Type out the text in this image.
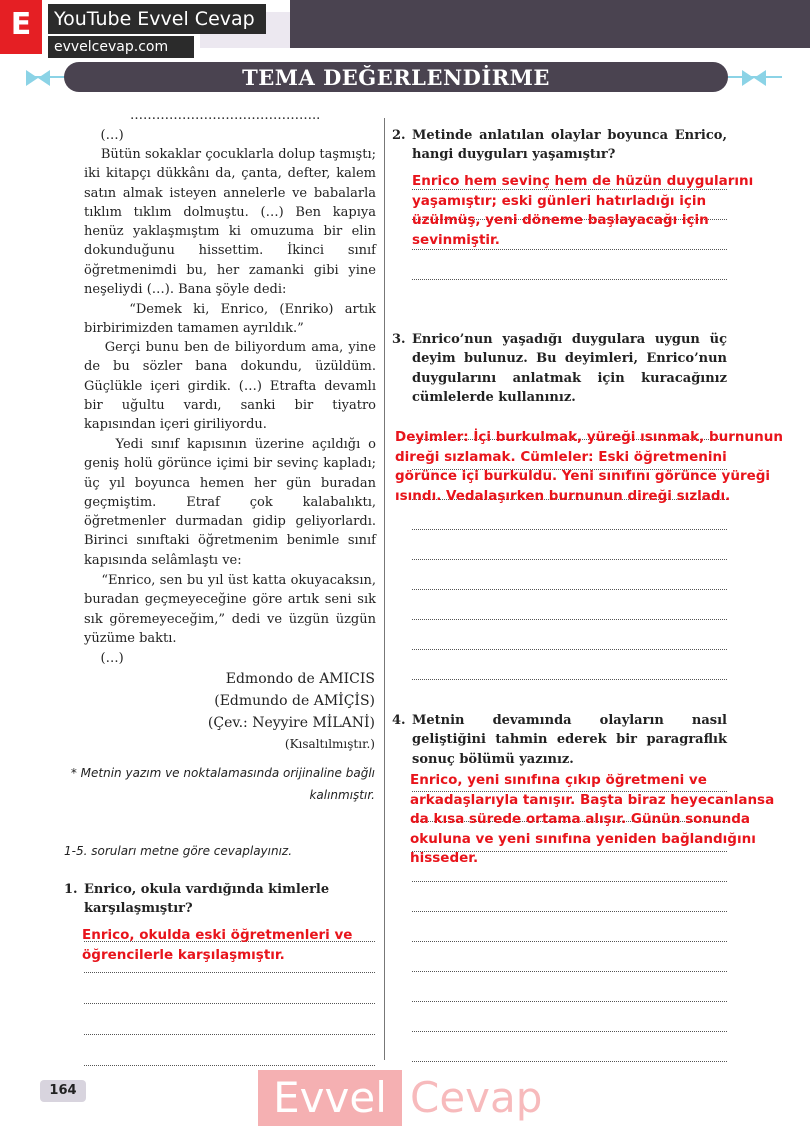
E	YouTube Evvel Cevap
evvelcevap.com
TEMA DEĞERLENDİRME

……………………………………..

(…)

Bütün sokaklar çocuklarla dolup taşmıştı; iki kitapçı dükkânı da, çanta, defter, kalem satın almak isteyen annelerle ve babalarla tıklım tıklım dolmuştu. (…) Ben kapıya henüz yaklaşmıştım ki omuzuma bir elin dokunduğunu hissettim. İkinci sınıf öğretmenimdi bu, her zamanki gibi yine neşeliydi (…). Bana şöyle dedi:

“Demek ki, Enrico, (Enriko) artık birbirimizden tamamen ayrıldık.”

Gerçi bunu ben de biliyordum ama, yine de bu sözler bana dokundu, üzüldüm. Güçlükle içeri girdik. (…) Etrafta devamlı bir uğultu vardı, sanki bir tiyatro kapısından içeri giriliyordu.

Yedi sınıf kapısının üzerine açıldığı o geniş holü görünce içimi bir sevinç kapladı; üç yıl boyunca hemen her gün buradan geçmiştim. Etraf çok kalabalıktı, öğretmenler durmadan gidip geliyorlardı. Birinci sınıftaki öğretmenim benimle sınıf kapısında selâmlaştı ve:

“Enrico, sen bu yıl üst katta okuyacaksın, buradan geçmeyeceğine göre artık seni sık sık göremeyeceğim,” dedi ve üzgün üzgün yüzüme baktı.

(…)

Edmondo de AMICIS
(Edmundo de AMİÇİS)
(Çev.: Neyyire MİLANİ)
(Kısaltılmıştır.)
* Metnin yazım ve noktalamasında orijinaline bağlı kalınmıştır.
1-5. soruları metne göre cevaplayınız.

1. Enrico, okula vardığında kimlerle karşılaşmıştır?

Enrico, okulda eski öğretmenleri ve öğrencilerle karşılaşmıştır.

2. Metinde anlatılan olaylar boyunca Enrico, hangi duyguları yaşamıştır?

Enrico hem sevinç hem de hüzün duygularını yaşamıştır; eski günleri hatırladığı için üzülmüş, yeni döneme başlayacağı için sevinmiştir.

3. Enrico’nun yaşadığı duygulara uygun üç deyim bulunuz. Bu deyimleri, Enrico’nun duygularını anlatmak için kuracağınız cümlelerde kullanınız.

Deyimler: İçi burkulmak, yüreği ısınmak, burnunun direği sızlamak. Cümleler: Eski öğretmenini görünce içi burkuldu. Yeni sınıfını görünce yüreği ısındı. Vedalaşırken burnunun direği sızladı.

4. Metnin devamında olayların nasıl geliştiğini tahmin ederek bir paragraflık sonuç bölümü yazınız.

Enrico, yeni sınıfına çıkıp öğretmeni ve arkadaşlarıyla tanışır. Başta biraz heyecanlansa da kısa sürede ortama alışır. Günün sonunda okuluna ve yeni sınıfına yeniden bağlandığını hisseder.

164	Evvel Cevap
